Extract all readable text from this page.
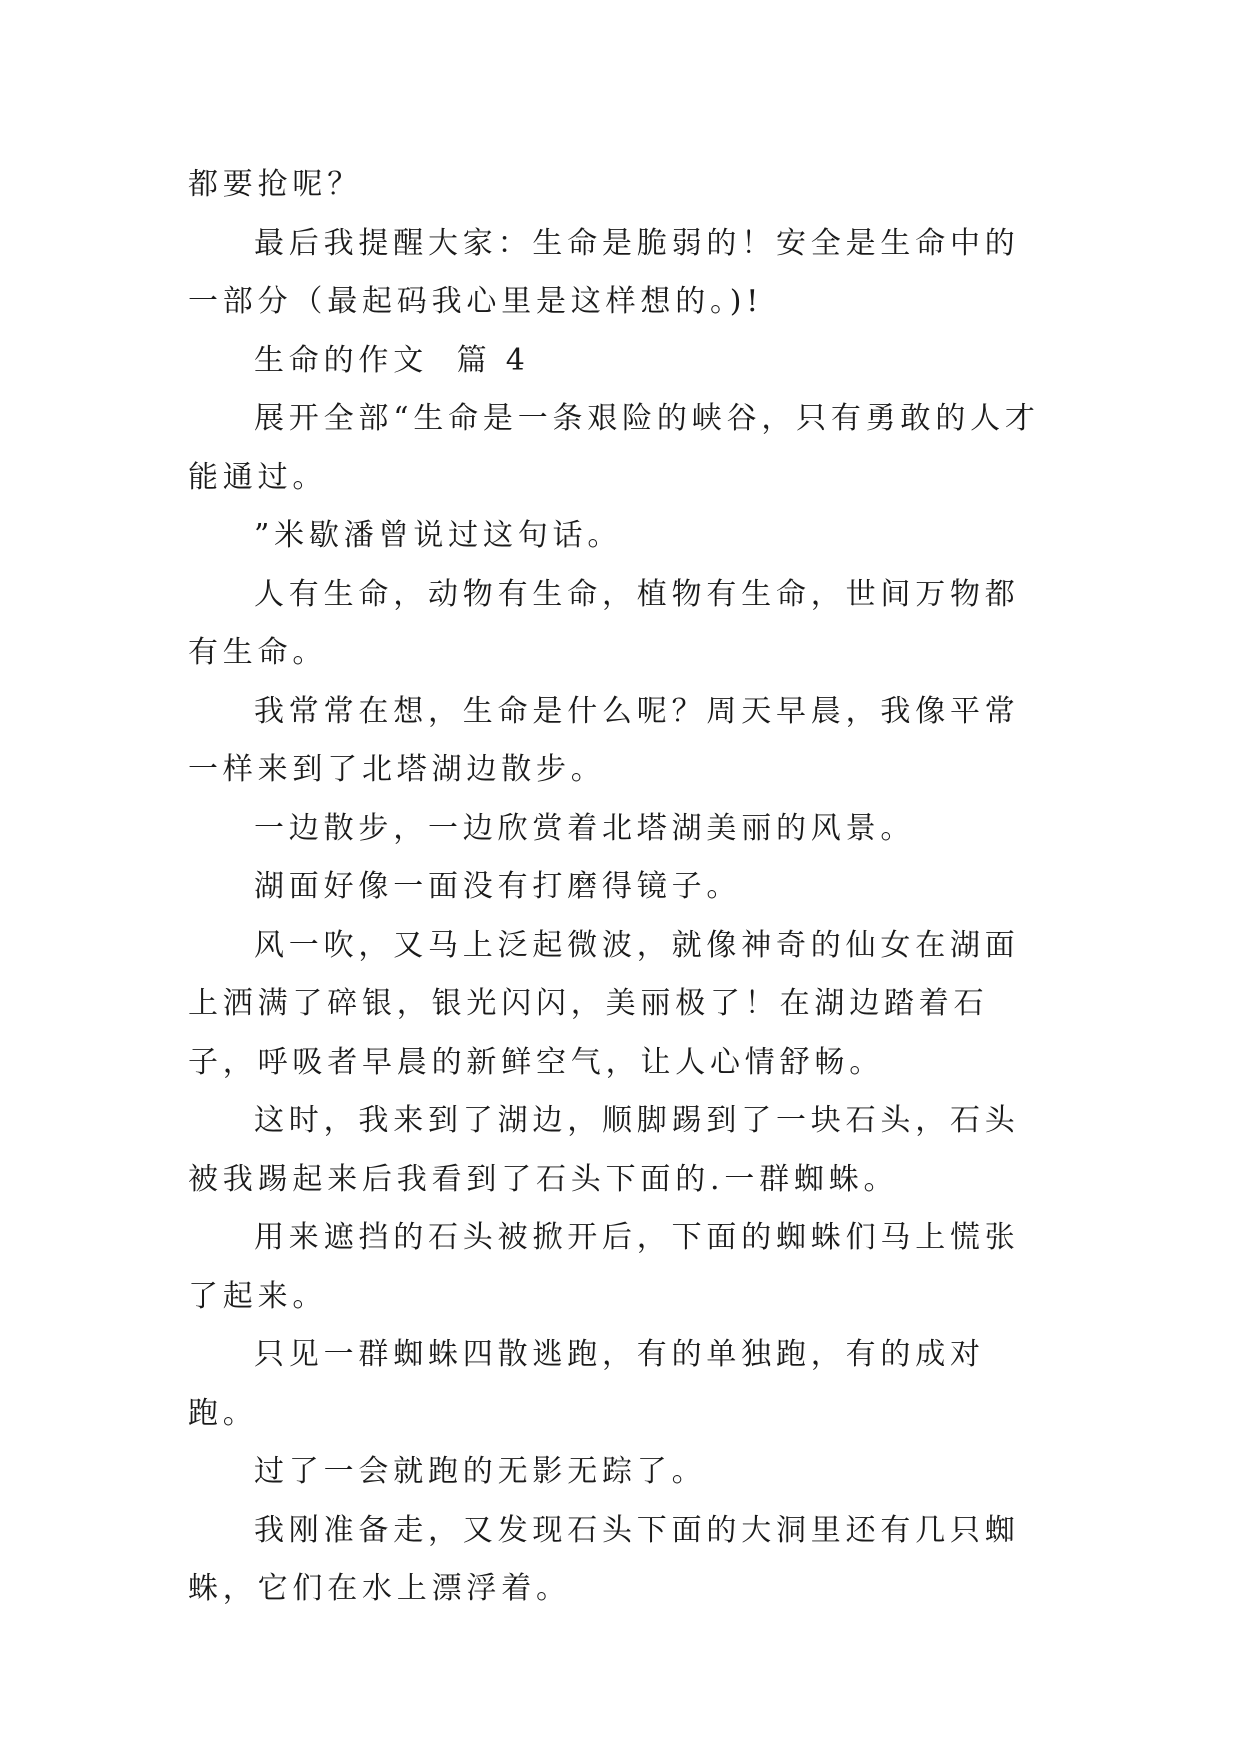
都要抢呢？

最后我提醒大家：生命是脆弱的！安全是生命中的一部分（最起码我心里是这样想的。)!

生命的作文  篇 4

展开全部“生命是一条艰险的峡谷，只有勇敢的人才能通过。

”米歇潘曾说过这句话。

人有生命，动物有生命，植物有生命，世间万物都有生命。

我常常在想，生命是什么呢？周天早晨，我像平常一样来到了北塔湖边散步。

一边散步，一边欣赏着北塔湖美丽的风景。

湖面好像一面没有打磨得镜子。

风一吹，又马上泛起微波，就像神奇的仙女在湖面上洒满了碎银，银光闪闪，美丽极了！在湖边踏着石子，呼吸者早晨的新鲜空气，让人心情舒畅。

这时，我来到了湖边，顺脚踢到了一块石头，石头被我踢起来后我看到了石头下面的.一群蜘蛛。

用来遮挡的石头被掀开后，下面的蜘蛛们马上慌张了起来。

只见一群蜘蛛四散逃跑，有的单独跑，有的成对跑。

过了一会就跑的无影无踪了。

我刚准备走，又发现石头下面的大洞里还有几只蜘蛛，它们在水上漂浮着。
